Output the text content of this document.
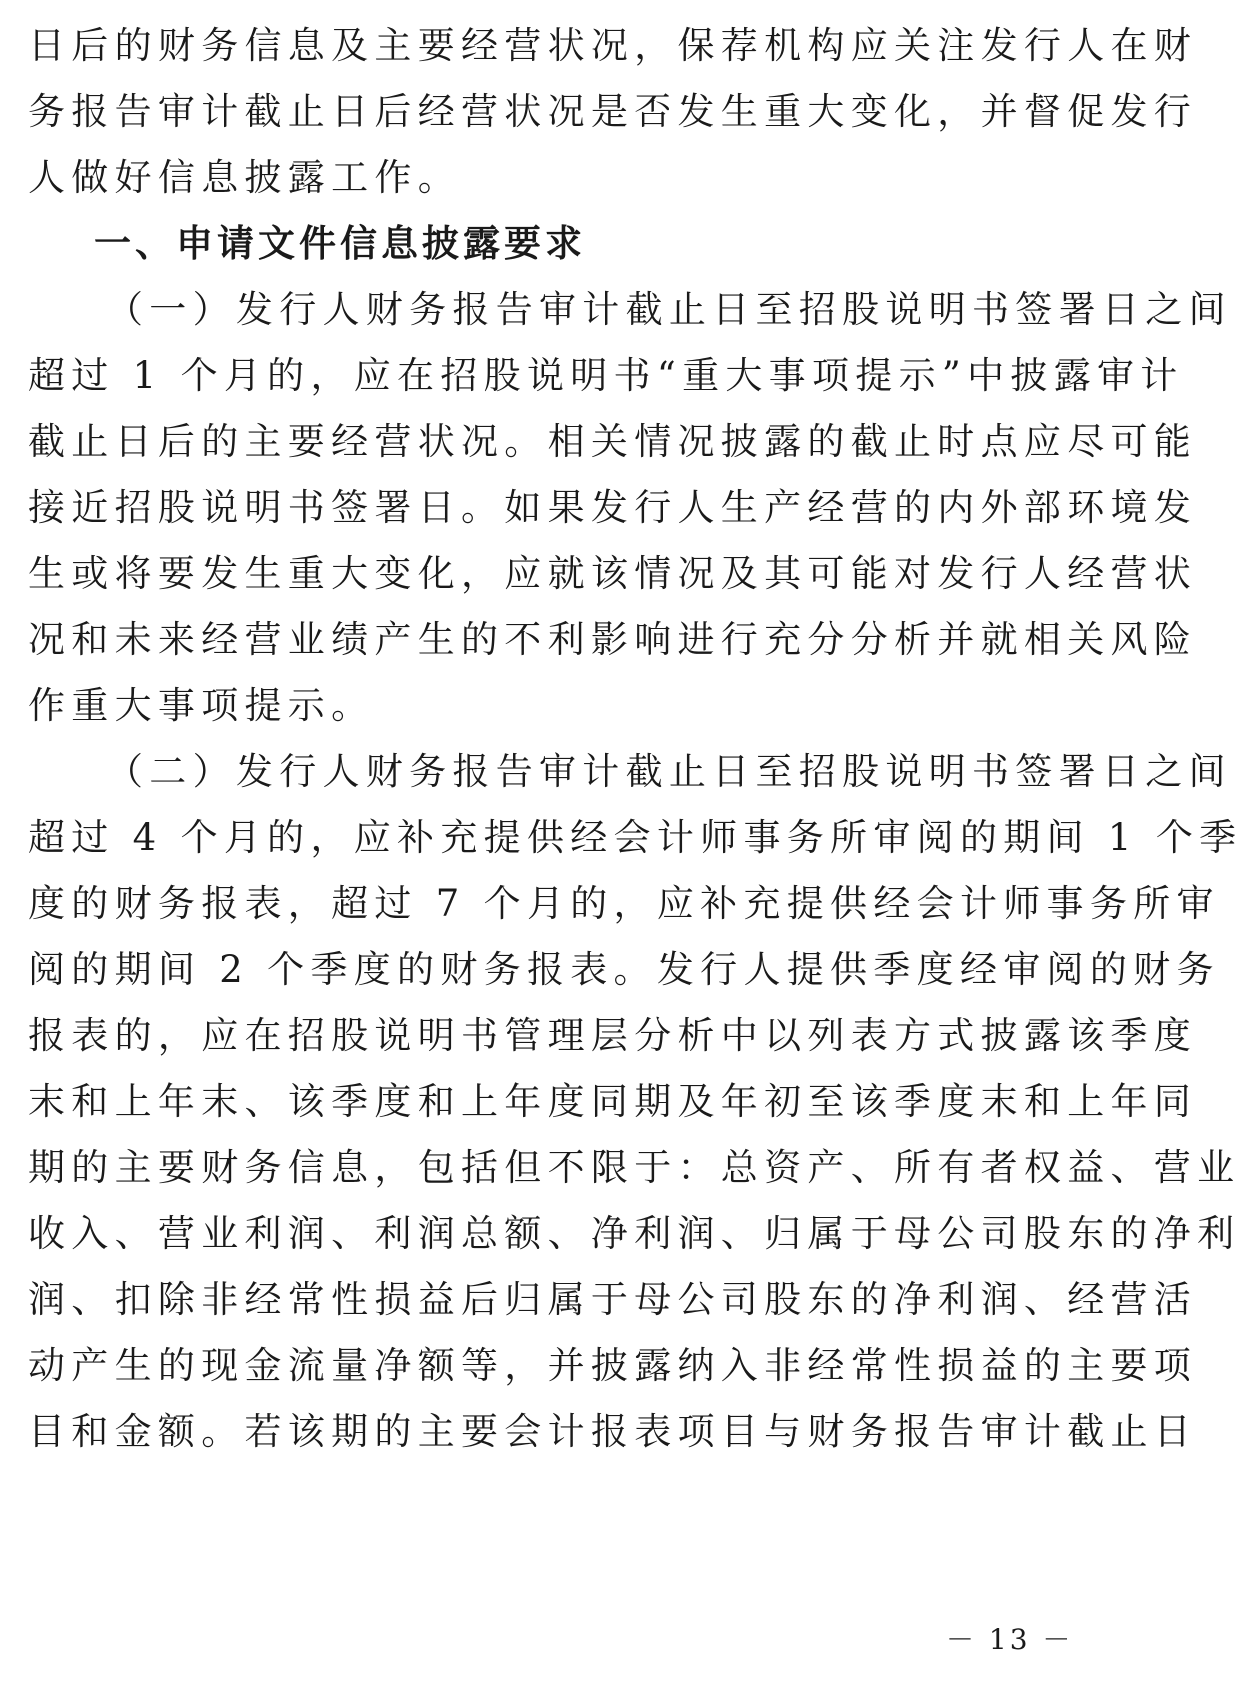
日后的财务信息及主要经营状况，保荐机构应关注发行人在财
务报告审计截止日后经营状况是否发生重大变化，并督促发行
人做好信息披露工作。
一、申请文件信息披露要求
（一）发行人财务报告审计截止日至招股说明书签署日之间
超过 1 个月的，应在招股说明书“重大事项提示”中披露审计
截止日后的主要经营状况。相关情况披露的截止时点应尽可能
接近招股说明书签署日。如果发行人生产经营的内外部环境发
生或将要发生重大变化，应就该情况及其可能对发行人经营状
况和未来经营业绩产生的不利影响进行充分分析并就相关风险
作重大事项提示。
（二）发行人财务报告审计截止日至招股说明书签署日之间
超过 4 个月的，应补充提供经会计师事务所审阅的期间 1 个季
度的财务报表，超过 7 个月的，应补充提供经会计师事务所审
阅的期间 2 个季度的财务报表。发行人提供季度经审阅的财务
报表的，应在招股说明书管理层分析中以列表方式披露该季度
末和上年末、该季度和上年度同期及年初至该季度末和上年同
期的主要财务信息，包括但不限于：总资产、所有者权益、营业
收入、营业利润、利润总额、净利润、归属于母公司股东的净利
润、扣除非经常性损益后归属于母公司股东的净利润、经营活
动产生的现金流量净额等，并披露纳入非经常性损益的主要项
目和金额。若该期的主要会计报表项目与财务报告审计截止日
－ 13 －
